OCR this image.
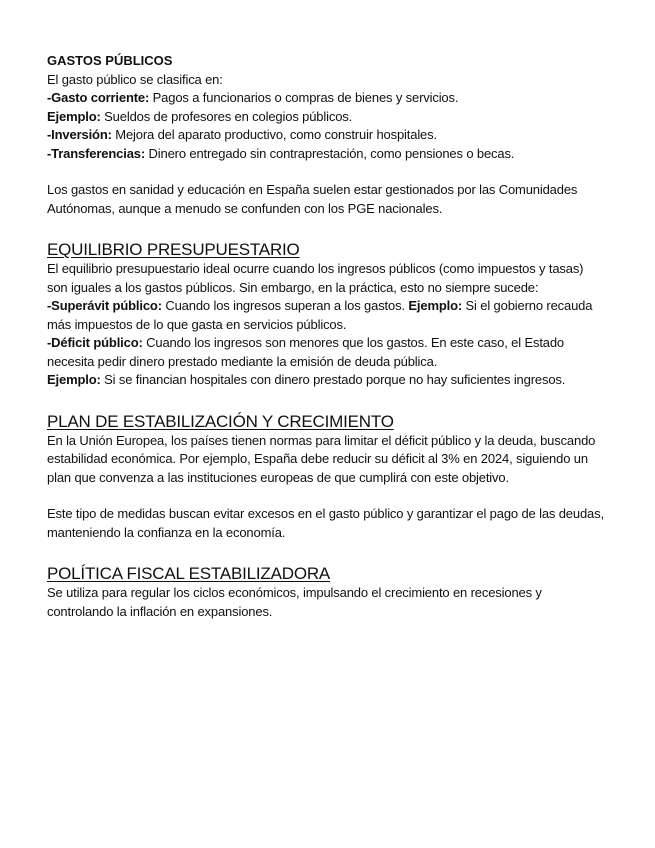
GASTOS PÚBLICOS

El gasto público se clasifica en:

-Gasto corriente: Pagos a funcionarios o compras de bienes y servicios.

Ejemplo: Sueldos de profesores en colegios públicos.

-Inversión: Mejora del aparato productivo, como construir hospitales.

-Transferencias: Dinero entregado sin contraprestación, como pensiones o becas.

Los gastos en sanidad y educación en España suelen estar gestionados por las Comunidades Autónomas, aunque a menudo se confunden con los PGE nacionales.

EQUILIBRIO PRESUPUESTARIO

El equilibrio presupuestario ideal ocurre cuando los ingresos públicos (como impuestos y tasas) son iguales a los gastos públicos. Sin embargo, en la práctica, esto no siempre sucede:

-Superávit público: Cuando los ingresos superan a los gastos. Ejemplo: Si el gobierno recauda más impuestos de lo que gasta en servicios públicos.

-Déficit público: Cuando los ingresos son menores que los gastos. En este caso, el Estado necesita pedir dinero prestado mediante la emisión de deuda pública.

Ejemplo: Si se financian hospitales con dinero prestado porque no hay suficientes ingresos.

PLAN DE ESTABILIZACIÓN Y CRECIMIENTO

En la Unión Europea, los países tienen normas para limitar el déficit público y la deuda, buscando estabilidad económica. Por ejemplo, España debe reducir su déficit al 3% en 2024, siguiendo un plan que convenza a las instituciones europeas de que cumplirá con este objetivo.

Este tipo de medidas buscan evitar excesos en el gasto público y garantizar el pago de las deudas, manteniendo la confianza en la economía.

POLÍTICA FISCAL ESTABILIZADORA

Se utiliza para regular los ciclos económicos, impulsando el crecimiento en recesiones y controlando la inflación en expansiones.
